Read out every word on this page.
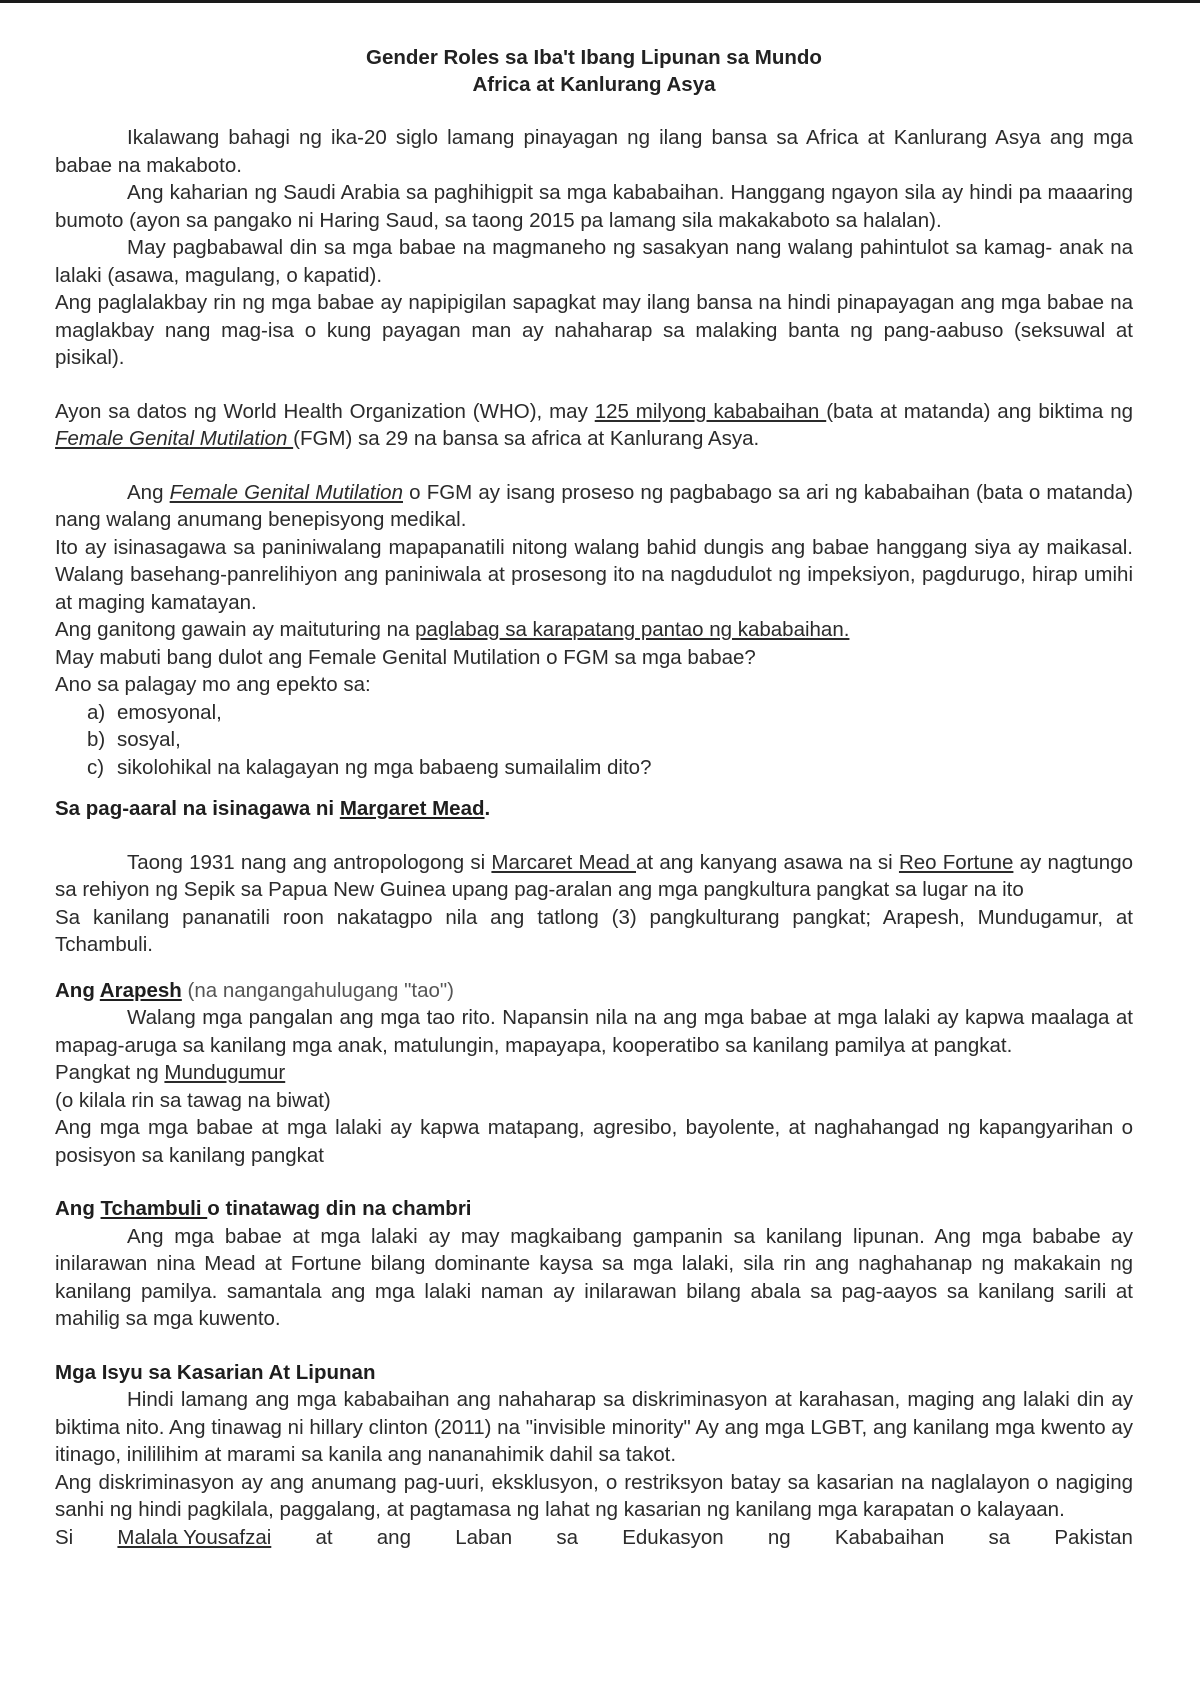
Gender Roles sa Iba't Ibang Lipunan sa Mundo
Africa at Kanlurang Asya

Ikalawang bahagi ng ika-20 siglo lamang pinayagan ng ilang bansa sa Africa at Kanlurang Asya ang mga babae na makaboto.

Ang kaharian ng Saudi Arabia sa paghihigpit sa mga kababaihan. Hanggang ngayon sila ay hindi pa maaaring bumoto (ayon sa pangako ni Haring Saud, sa taong 2015 pa lamang sila makakaboto sa halalan).

May pagbabawal din sa mga babae na magmaneho ng sasakyan nang walang pahintulot sa kamag- anak na lalaki (asawa, magulang, o kapatid).

Ang paglalakbay rin ng mga babae ay napipigilan sapagkat may ilang bansa na hindi pinapayagan ang mga babae na maglakbay nang mag-isa o kung payagan man ay nahaharap sa malaking banta ng pang-aabuso (seksuwal at pisikal).

Ayon sa datos ng World Health Organization (WHO), may 125 milyong kababaihan (bata at matanda) ang biktima ng Female Genital Mutilation (FGM) sa 29 na bansa sa africa at Kanlurang Asya.

Ang Female Genital Mutilation o FGM ay isang proseso ng pagbabago sa ari ng kababaihan (bata o matanda) nang walang anumang benepisyong medikal.

Ito ay isinasagawa sa paniniwalang mapapanatili nitong walang bahid dungis ang babae hanggang siya ay maikasal. Walang basehang-panrelihiyon ang paniniwala at prosesong ito na nagdudulot ng impeksiyon, pagdurugo, hirap umihi at maging kamatayan.

Ang ganitong gawain ay maituturing na paglabag sa karapatang pantao ng kababaihan.

May mabuti bang dulot ang Female Genital Mutilation o FGM sa mga babae?

Ano sa palagay mo ang epekto sa:

a) emosyonal,
b) sosyal,
c) sikolohikal na kalagayan ng mga babaeng sumailalim dito?

Sa pag-aaral na isinagawa ni Margaret Mead.

Taong 1931 nang ang antropologong si Marcaret Mead at ang kanyang asawa na si Reo Fortune ay nagtungo sa rehiyon ng Sepik sa Papua New Guinea upang pag-aralan ang mga pangkultura pangkat sa lugar na ito

Sa kanilang pananatili roon nakatagpo nila ang tatlong (3) pangkulturang pangkat; Arapesh, Mundugamur, at Tchambuli.

Ang Arapesh (na nangangahulugang "tao")

Walang mga pangalan ang mga tao rito. Napansin nila na ang mga babae at mga lalaki ay kapwa maalaga at mapag-aruga sa kanilang mga anak, matulungin, mapayapa, kooperatibo sa kanilang pamilya at pangkat.

Pangkat ng Mundugumur

(o kilala rin sa tawag na biwat)

Ang mga mga babae at mga lalaki ay kapwa matapang, agresibo, bayolente, at naghahangad ng kapangyarihan o posisyon sa kanilang pangkat

Ang Tchambuli o tinatawag din na chambri

Ang mga babae at mga lalaki ay may magkaibang gampanin sa kanilang lipunan. Ang mga bababe ay inilarawan nina Mead at Fortune bilang dominante kaysa sa mga lalaki, sila rin ang naghahanap ng makakain ng kanilang pamilya. samantala ang mga lalaki naman ay inilarawan bilang abala sa pag-aayos sa kanilang sarili at mahilig sa mga kuwento.

Mga Isyu sa Kasarian At Lipunan

Hindi lamang ang mga kababaihan ang nahaharap sa diskriminasyon at karahasan, maging ang lalaki din ay biktima nito. Ang tinawag ni hillary clinton (2011) na "invisible minority" Ay ang mga LGBT, ang kanilang mga kwento ay itinago, inililihim at marami sa kanila ang nananahimik dahil sa takot.

Ang diskriminasyon ay ang anumang pag-uuri, eksklusyon, o restriksyon batay sa kasarian na naglalayon o nagiging sanhi ng hindi pagkilala, paggalang, at pagtamasa ng lahat ng kasarian ng kanilang mga karapatan o kalayaan.

Si Malala Yousafzai at ang Laban sa Edukasyon ng Kababaihan sa Pakistan
